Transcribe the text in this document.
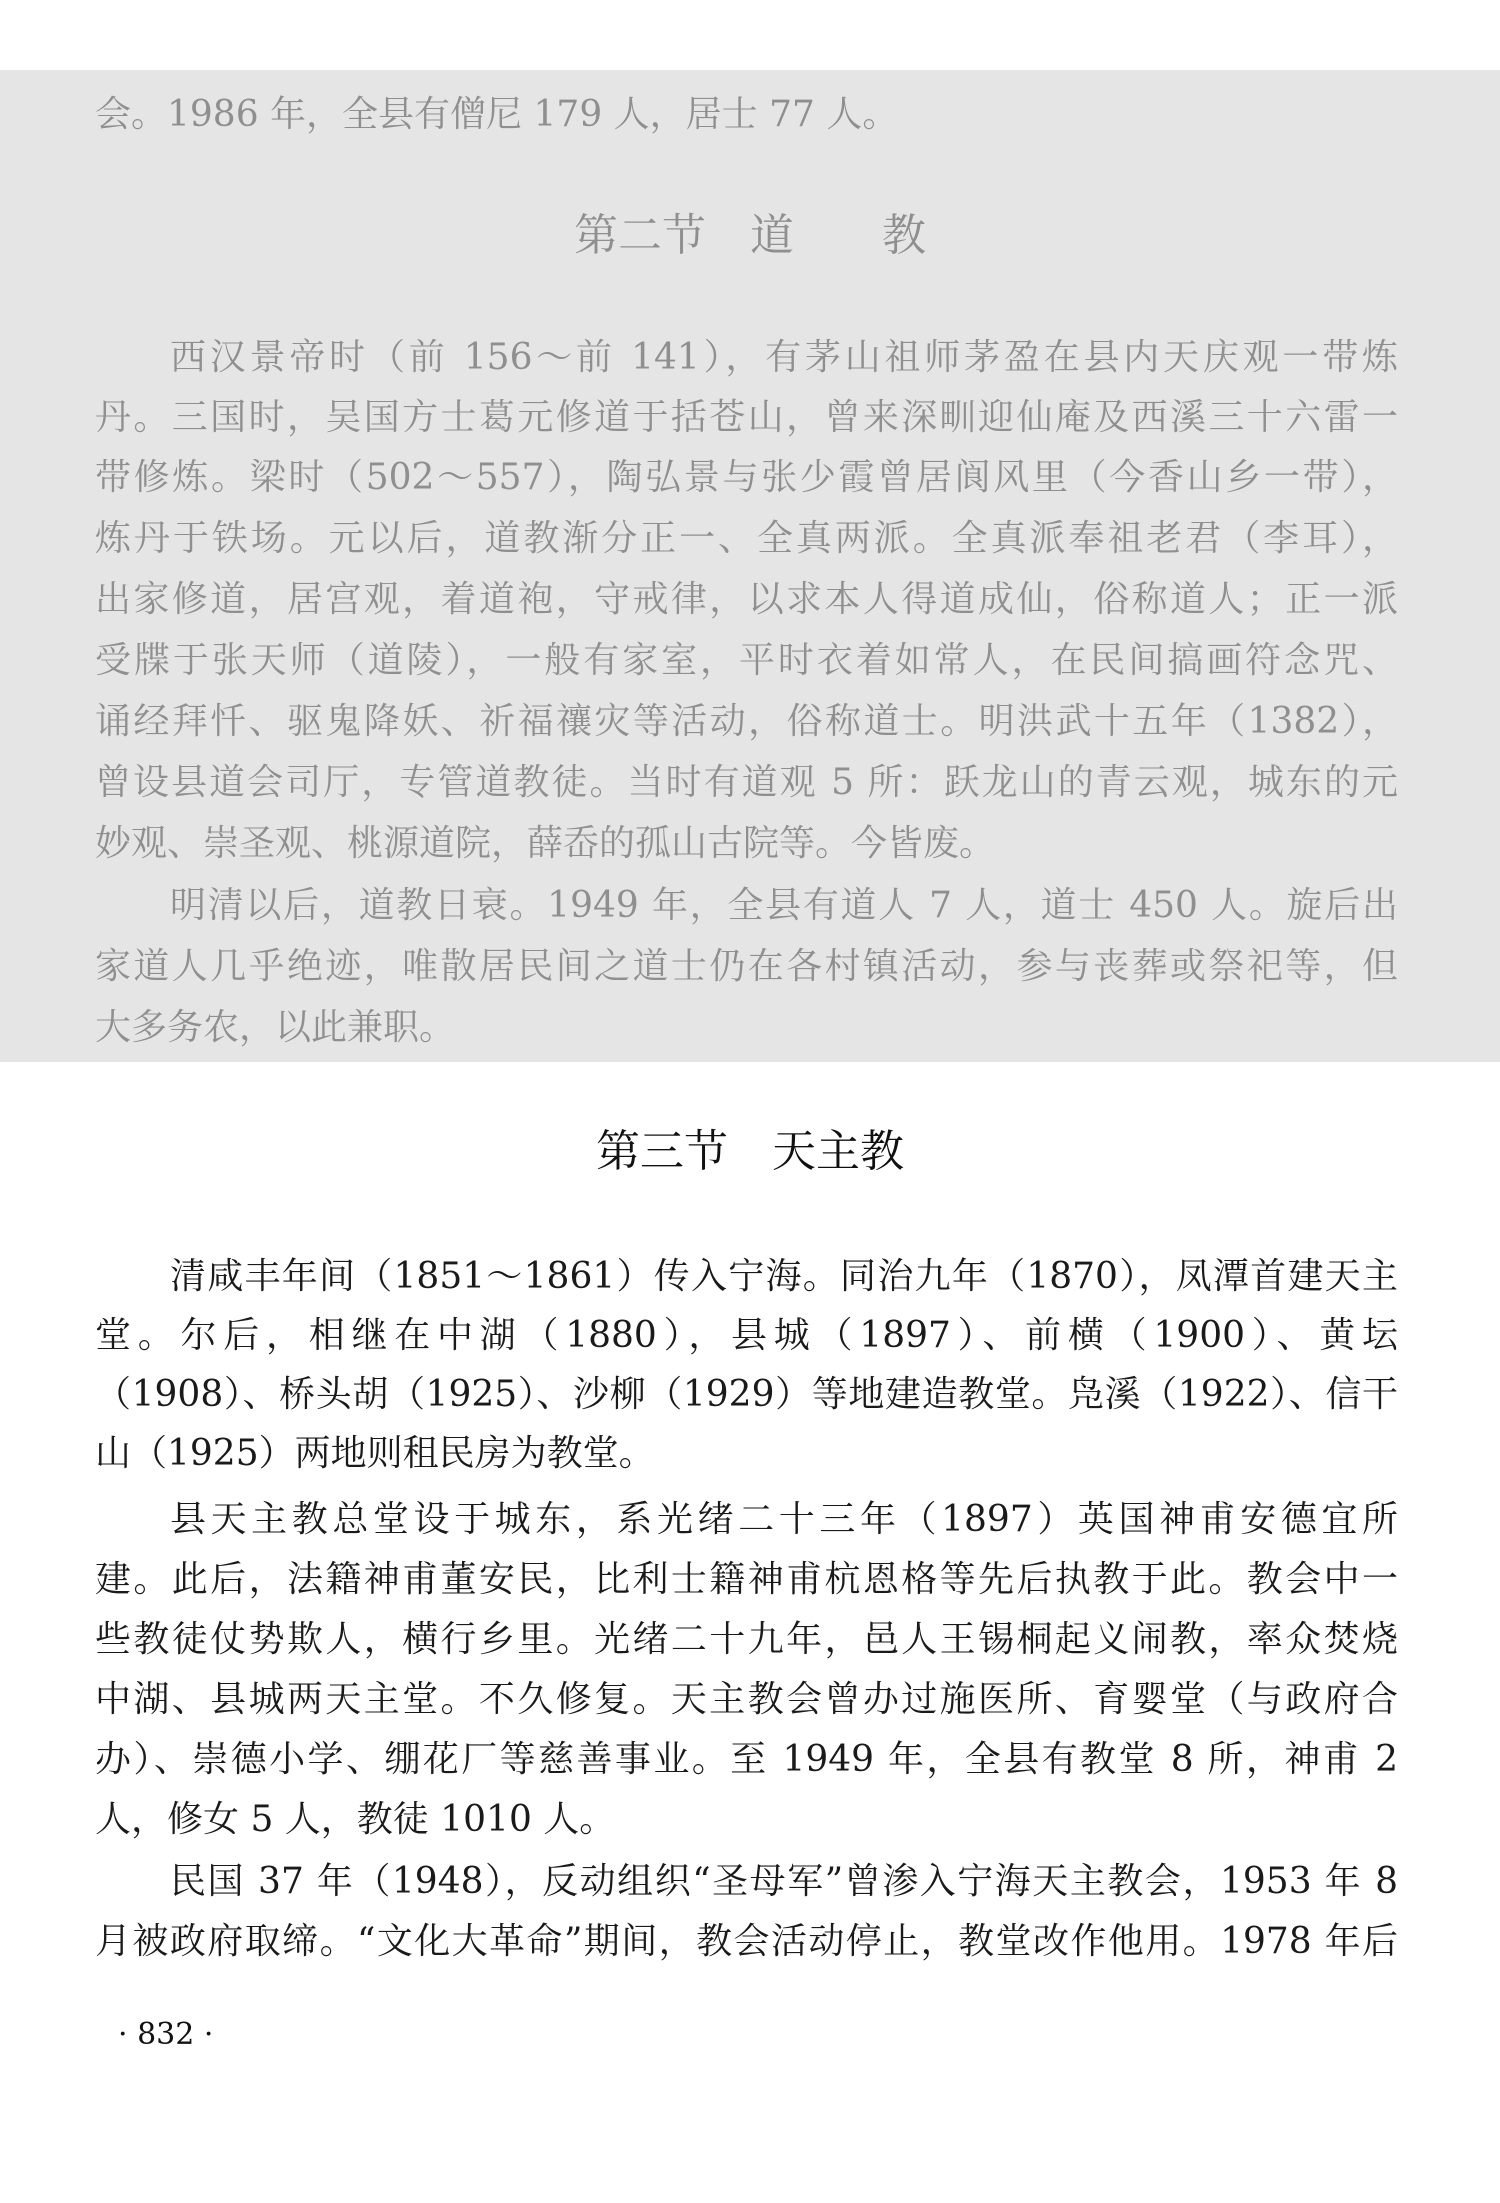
会。1986 年，全县有僧尼 179 人，居士 77 人。
第二节　道　　教
西汉景帝时（前 156～前 141），有茅山祖师茅盈在县内天庆观一带炼
丹。三国时，吴国方士葛元修道于括苍山，曾来深甽迎仙庵及西溪三十六雷一
带修炼。梁时（502～557），陶弘景与张少霞曾居阆风里（今香山乡一带），
炼丹于铁场。元以后，道教渐分正一、全真两派。全真派奉祖老君（李耳），
出家修道，居宫观，着道袍，守戒律，以求本人得道成仙，俗称道人；正一派
受牒于张天师（道陵），一般有家室，平时衣着如常人，在民间搞画符念咒、
诵经拜忏、驱鬼降妖、祈福禳灾等活动，俗称道士。明洪武十五年（1382），
曾设县道会司厅，专管道教徒。当时有道观 5 所：跃龙山的青云观，城东的元
妙观、崇圣观、桃源道院，薛岙的孤山古院等。今皆废。
明清以后，道教日衰。1949 年，全县有道人 7 人，道士 450 人。旋后出
家道人几乎绝迹，唯散居民间之道士仍在各村镇活动，参与丧葬或祭祀等，但
大多务农，以此兼职。
第三节　天主教
清咸丰年间（1851～1861）传入宁海。同治九年（1870），凤潭首建天主
堂。尔后，相继在中湖（1880），县城（1897）、前横（1900）、黄坛
（1908）、桥头胡（1925）、沙柳（1929）等地建造教堂。凫溪（1922）、信干
山（1925）两地则租民房为教堂。
县天主教总堂设于城东，系光绪二十三年（1897）英国神甫安德宜所
建。此后，法籍神甫董安民，比利士籍神甫杭恩格等先后执教于此。教会中一
些教徒仗势欺人，横行乡里。光绪二十九年，邑人王锡桐起义闹教，率众焚烧
中湖、县城两天主堂。不久修复。天主教会曾办过施医所、育婴堂（与政府合
办）、崇德小学、绷花厂等慈善事业。至 1949 年，全县有教堂 8 所，神甫 2
人，修女 5 人，教徒 1010 人。
民国 37 年（1948），反动组织“圣母军”曾渗入宁海天主教会，1953 年 8
月被政府取缔。“文化大革命”期间，教会活动停止，教堂改作他用。1978 年后
· 832 ·
